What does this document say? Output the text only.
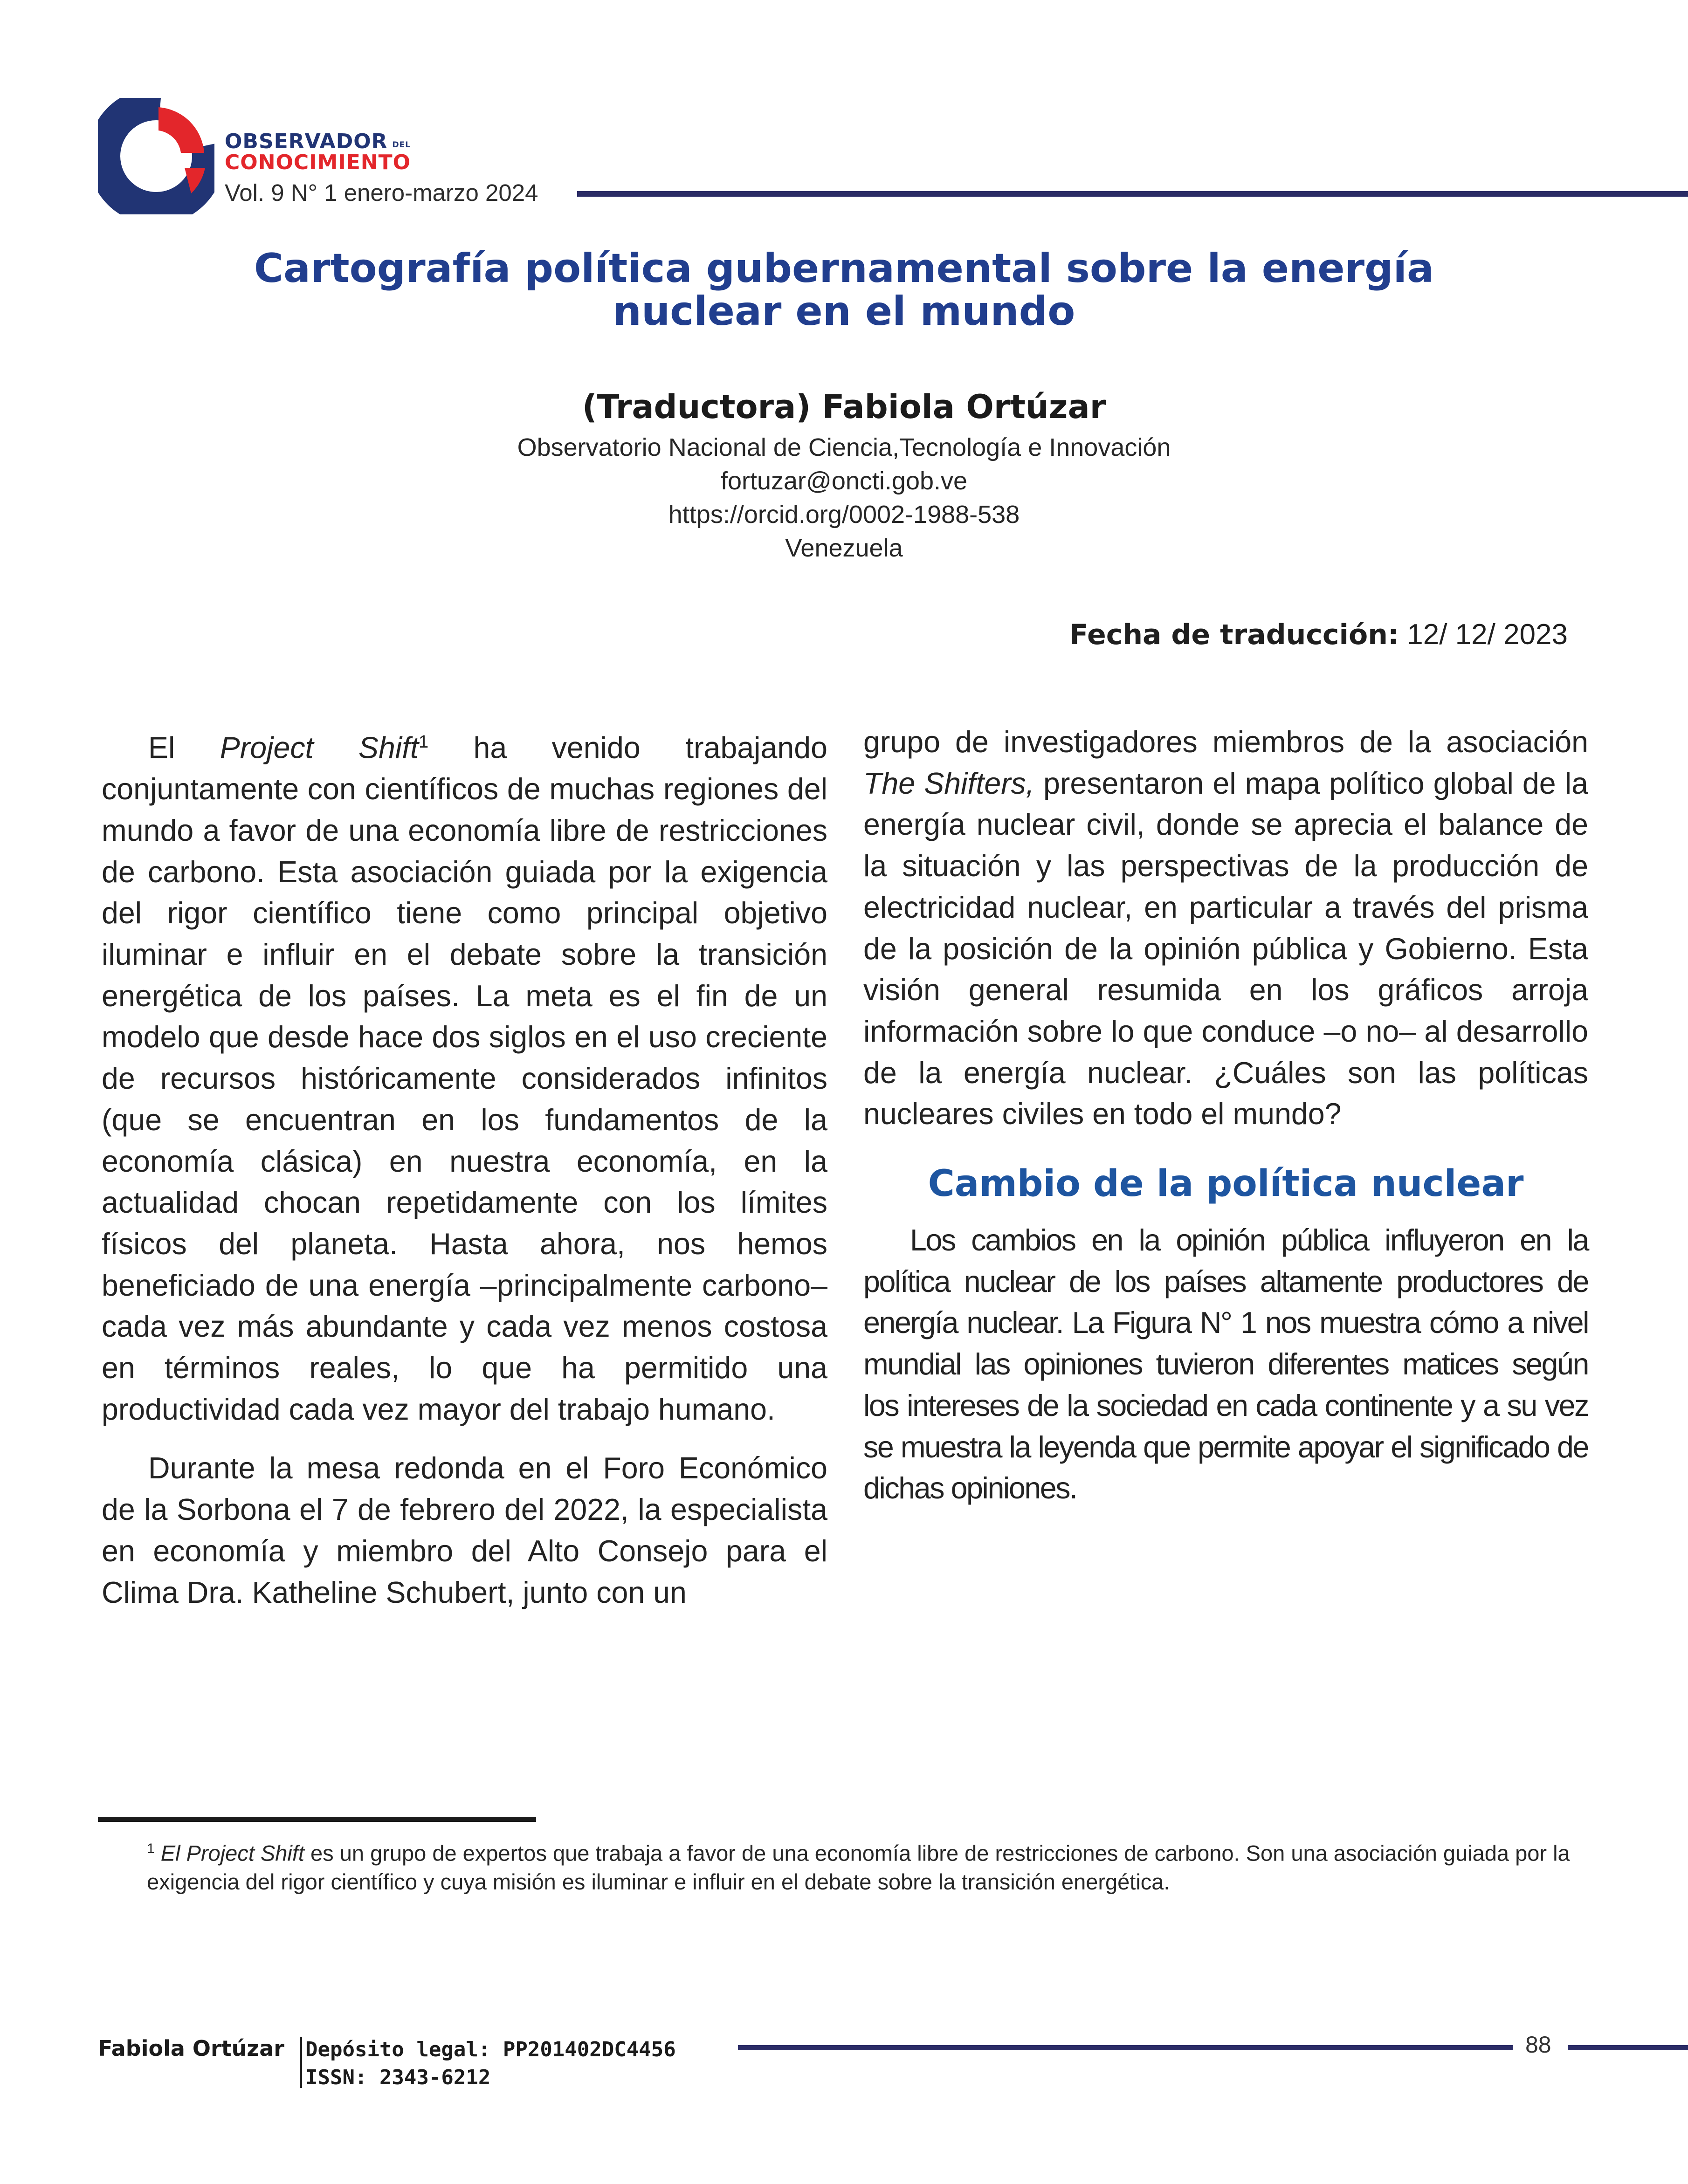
OBSERVADOR DEL
CONOCIMIENTO
Vol. 9 N° 1 enero-marzo 2024
Cartografía política gubernamental sobre la energía
nuclear en el mundo
(Traductora) Fabiola Ortúzar
Observatorio Nacional de Ciencia,Tecnología e Innovación
fortuzar@oncti.gob.ve
https://orcid.org/0002-1988-538
Venezuela
Fecha de traducción: 12/ 12/ 2023

El Project Shift$^1$ ha venido trabajando conjuntamente con científicos de muchas regiones del mundo a favor de una economía libre de restricciones de carbono. Esta asociación guiada por la exigencia del rigor científico tiene como principal objetivo iluminar e influir en el debate sobre la transición energética de los países. La meta es el fin de un modelo que desde hace dos siglos en el uso creciente de recursos históricamente considerados infinitos (que se encuentran en los fundamentos de la economía clásica) en nuestra economía, en la actualidad chocan repetidamente con los límites físicos del planeta. Hasta ahora, nos hemos beneficiado de una energía –principalmente carbono– cada vez más abundante y cada vez menos costosa en términos reales, lo que ha permitido una productividad cada vez mayor del trabajo humano.

Durante la mesa redonda en el Foro Económico de la Sorbona el 7 de febrero del 2022, la especialista en economía y miembro del Alto Consejo para el Clima Dra. Katheline Schubert, junto con un

grupo de investigadores miembros de la asociación The Shifters, presentaron el mapa político global de la energía nuclear civil, donde se aprecia el balance de la situación y las perspectivas de la producción de electricidad nuclear, en particular a través del prisma de la posición de la opinión pública y Gobierno. Esta visión general resumida en los gráficos arroja información sobre lo que conduce –o no– al desarrollo de la energía nuclear. ¿Cuáles son las políticas nucleares civiles en todo el mundo?

Cambio de la política nuclear

Los cambios en la opinión pública influyeron en la política nuclear de los países altamente productores de energía nuclear. La Figura N° 1 nos muestra cómo a nivel mundial las opiniones tuvieron diferentes matices según los intereses de la sociedad en cada continente y a su vez se muestra la leyenda que permite apoyar el significado de dichas opiniones.

$^1$ El Project Shift es un grupo de expertos que trabaja a favor de una economía libre de restricciones de carbono. Son una asociación guiada por la exigencia del rigor científico y cuya misión es iluminar e influir en el debate sobre la transición energética.
Fabiola Ortúzar Depósito legal: PP201402DC4456
ISSN: 2343-6212
88
